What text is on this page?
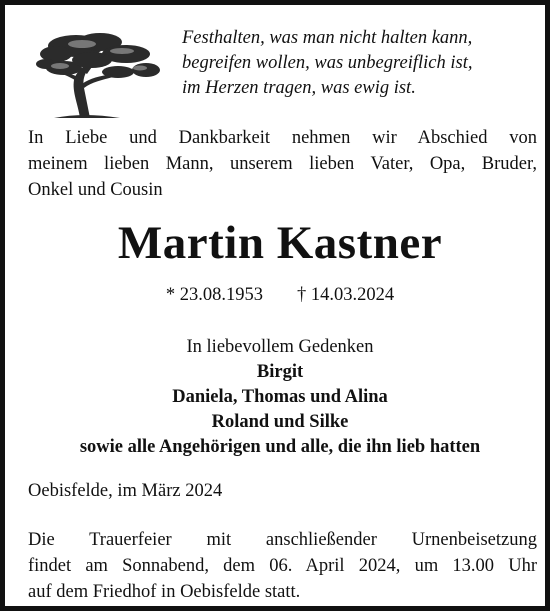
Festhalten, was man nicht halten kann,
begreifen wollen, was unbegreiflich ist,
im Herzen tragen, was ewig ist.
In Liebe und Dankbarkeit nehmen wir Abschied von
meinem lieben Mann, unserem lieben Vater, Opa, Bruder,
Onkel und Cousin
Martin Kastner
* 23.08.1953 † 14.03.2024
In liebevollem Gedenken
Birgit
Daniela, Thomas und Alina
Roland und Silke
sowie alle Angehörigen und alle, die ihn lieb hatten
Oebisfelde, im März 2024
Die Trauerfeier mit anschließender Urnenbeisetzung
findet am Sonnabend, dem 06. April 2024, um 13.00 Uhr
auf dem Friedhof in Oebisfelde statt.
